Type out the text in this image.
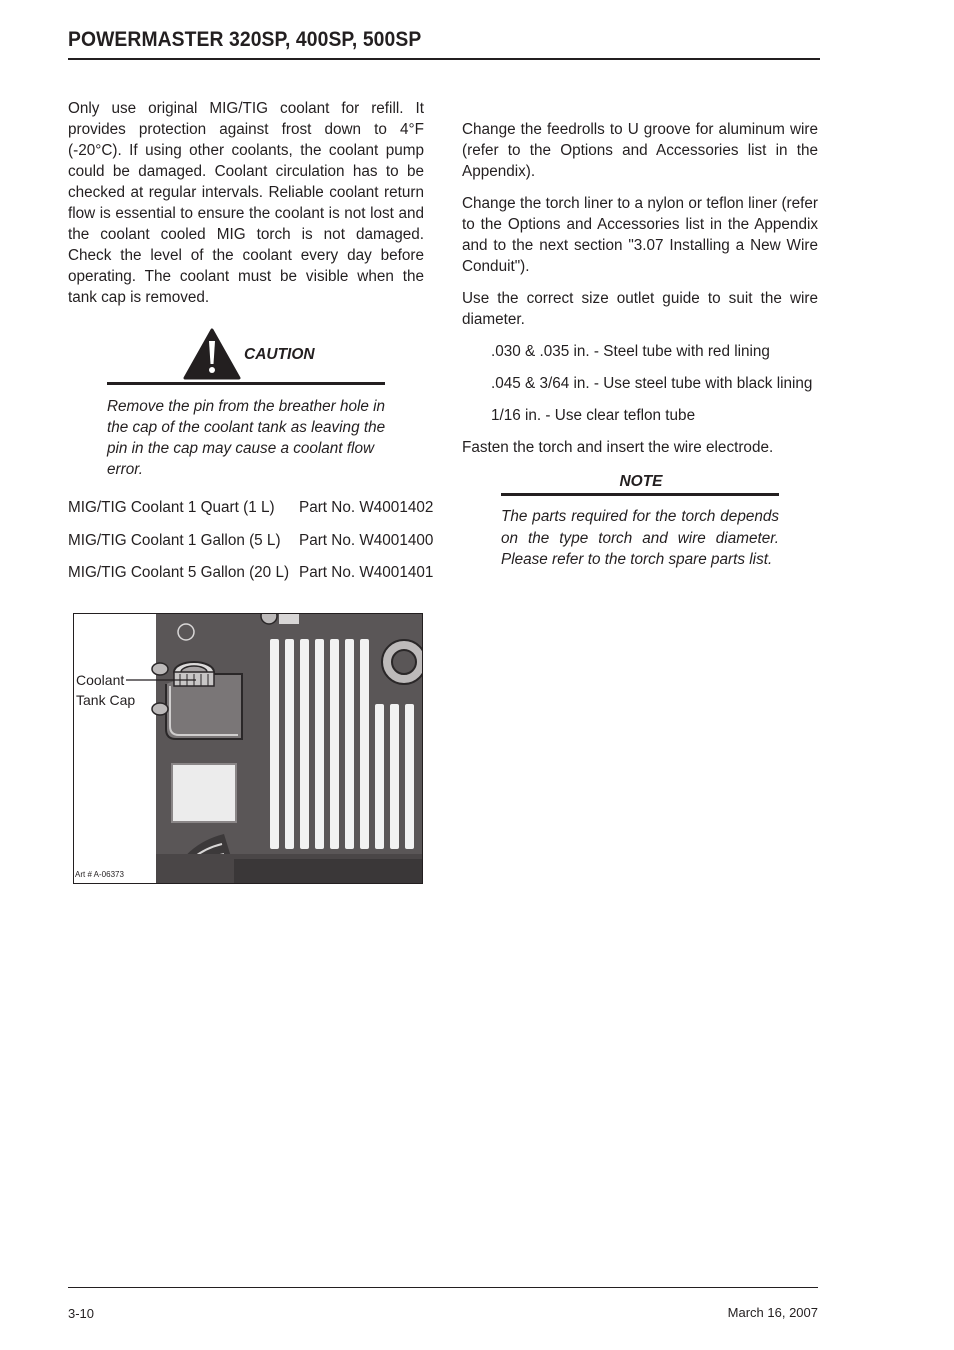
POWERMASTER 320SP, 400SP, 500SP

Only use original MIG/TIG coolant for refill. It provides protection against frost down to 4°F (-20°C). If using other coolants, the coolant pump could be damaged. Coolant circulation has to be checked at regular intervals. Reliable coolant return flow is essential to ensure the coolant is not lost and the coolant cooled MIG torch is not damaged. Check the level of the coolant every day before operating. The coolant must be visible when the tank cap is removed.

CAUTION
Remove the pin from the breather hole in the cap of the coolant tank as leaving the pin in the cap may cause a coolant flow error.
MIG/TIG Coolant 1 Quart (1 L)	Part No. W4001402
MIG/TIG Coolant 1 Gallon (5 L)	Part No. W4001400
MIG/TIG Coolant 5 Gallon (20 L) Part No. W4001401
Coolant
Tank Cap
Art # A-06373

Change the feedrolls to U groove for aluminum wire (refer to the Options and Accessories list in the Appendix).

Change the torch liner to a nylon or teflon liner (refer to the Options and Accessories list in the Appendix and to the next section "3.07 Installing a New Wire Conduit").

Use the correct size outlet guide to suit the wire diameter.

.030 & .035 in. - Steel tube with red lining

.045 & 3/64 in. - Use steel tube with black lining

1/16 in. - Use clear teflon tube

Fasten the torch and insert the wire electrode.

NOTE
The parts required for the torch depends on the type torch and wire diameter. Please refer to the torch spare parts list.
3-10	March 16, 2007
